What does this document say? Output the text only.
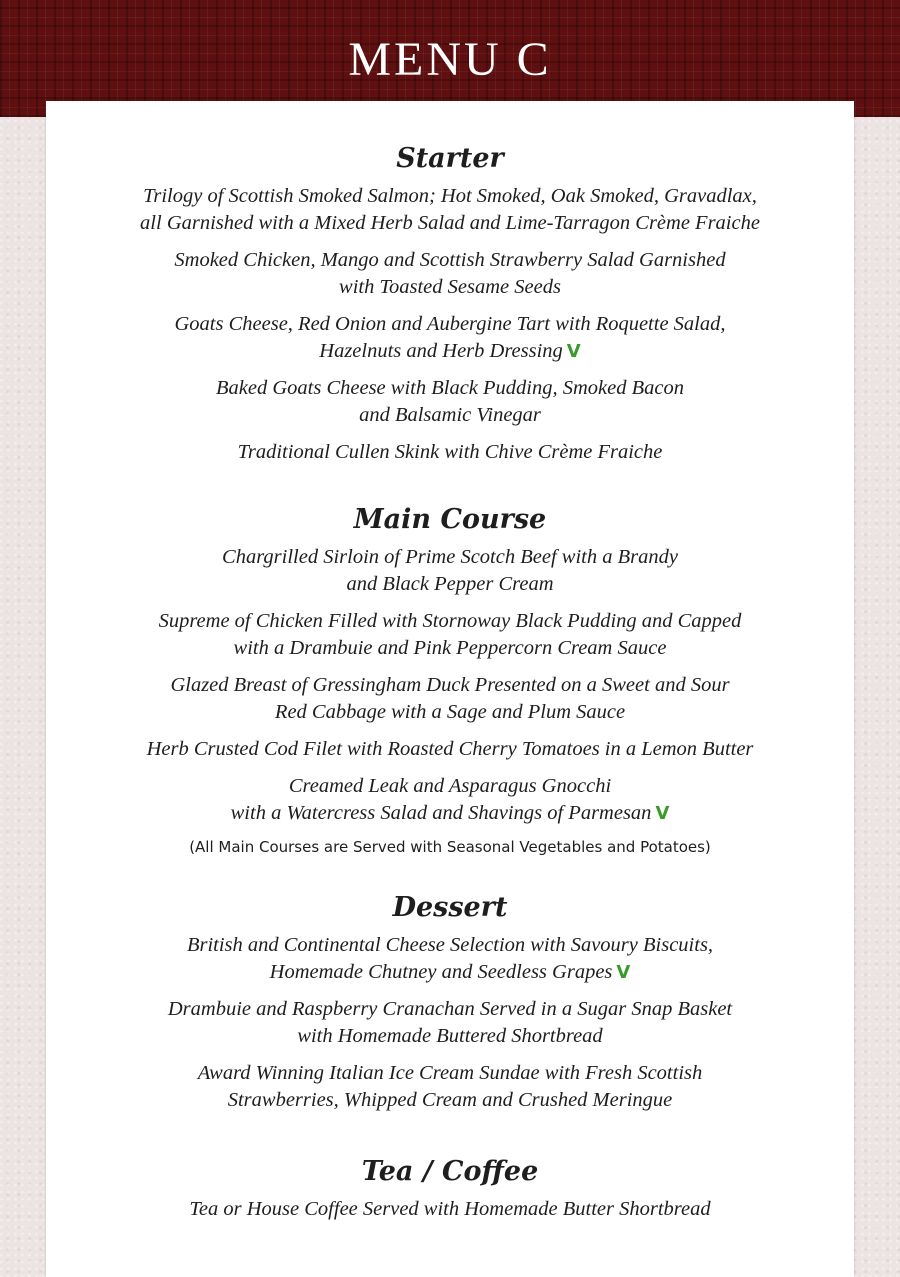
MENU C
Starter

Trilogy of Scottish Smoked Salmon; Hot Smoked, Oak Smoked, Gravadlax,
all Garnished with a Mixed Herb Salad and Lime-Tarragon Crème Fraiche

Smoked Chicken, Mango and Scottish Strawberry Salad Garnished
with Toasted Sesame Seeds

Goats Cheese, Red Onion and Aubergine Tart with Roquette Salad,
Hazelnuts and Herb Dressing V

Baked Goats Cheese with Black Pudding, Smoked Bacon
and Balsamic Vinegar

Traditional Cullen Skink with Chive Crème Fraiche

Main Course

Chargrilled Sirloin of Prime Scotch Beef with a Brandy
and Black Pepper Cream

Supreme of Chicken Filled with Stornoway Black Pudding and Capped
with a Drambuie and Pink Peppercorn Cream Sauce

Glazed Breast of Gressingham Duck Presented on a Sweet and Sour
Red Cabbage with a Sage and Plum Sauce

Herb Crusted Cod Filet with Roasted Cherry Tomatoes in a Lemon Butter

Creamed Leak and Asparagus Gnocchi
with a Watercress Salad and Shavings of Parmesan V

(All Main Courses are Served with Seasonal Vegetables and Potatoes)

Dessert

British and Continental Cheese Selection with Savoury Biscuits,
Homemade Chutney and Seedless Grapes V

Drambuie and Raspberry Cranachan Served in a Sugar Snap Basket
with Homemade Buttered Shortbread

Award Winning Italian Ice Cream Sundae with Fresh Scottish
Strawberries, Whipped Cream and Crushed Meringue

Tea / Coffee

Tea or House Coffee Served with Homemade Butter Shortbread
